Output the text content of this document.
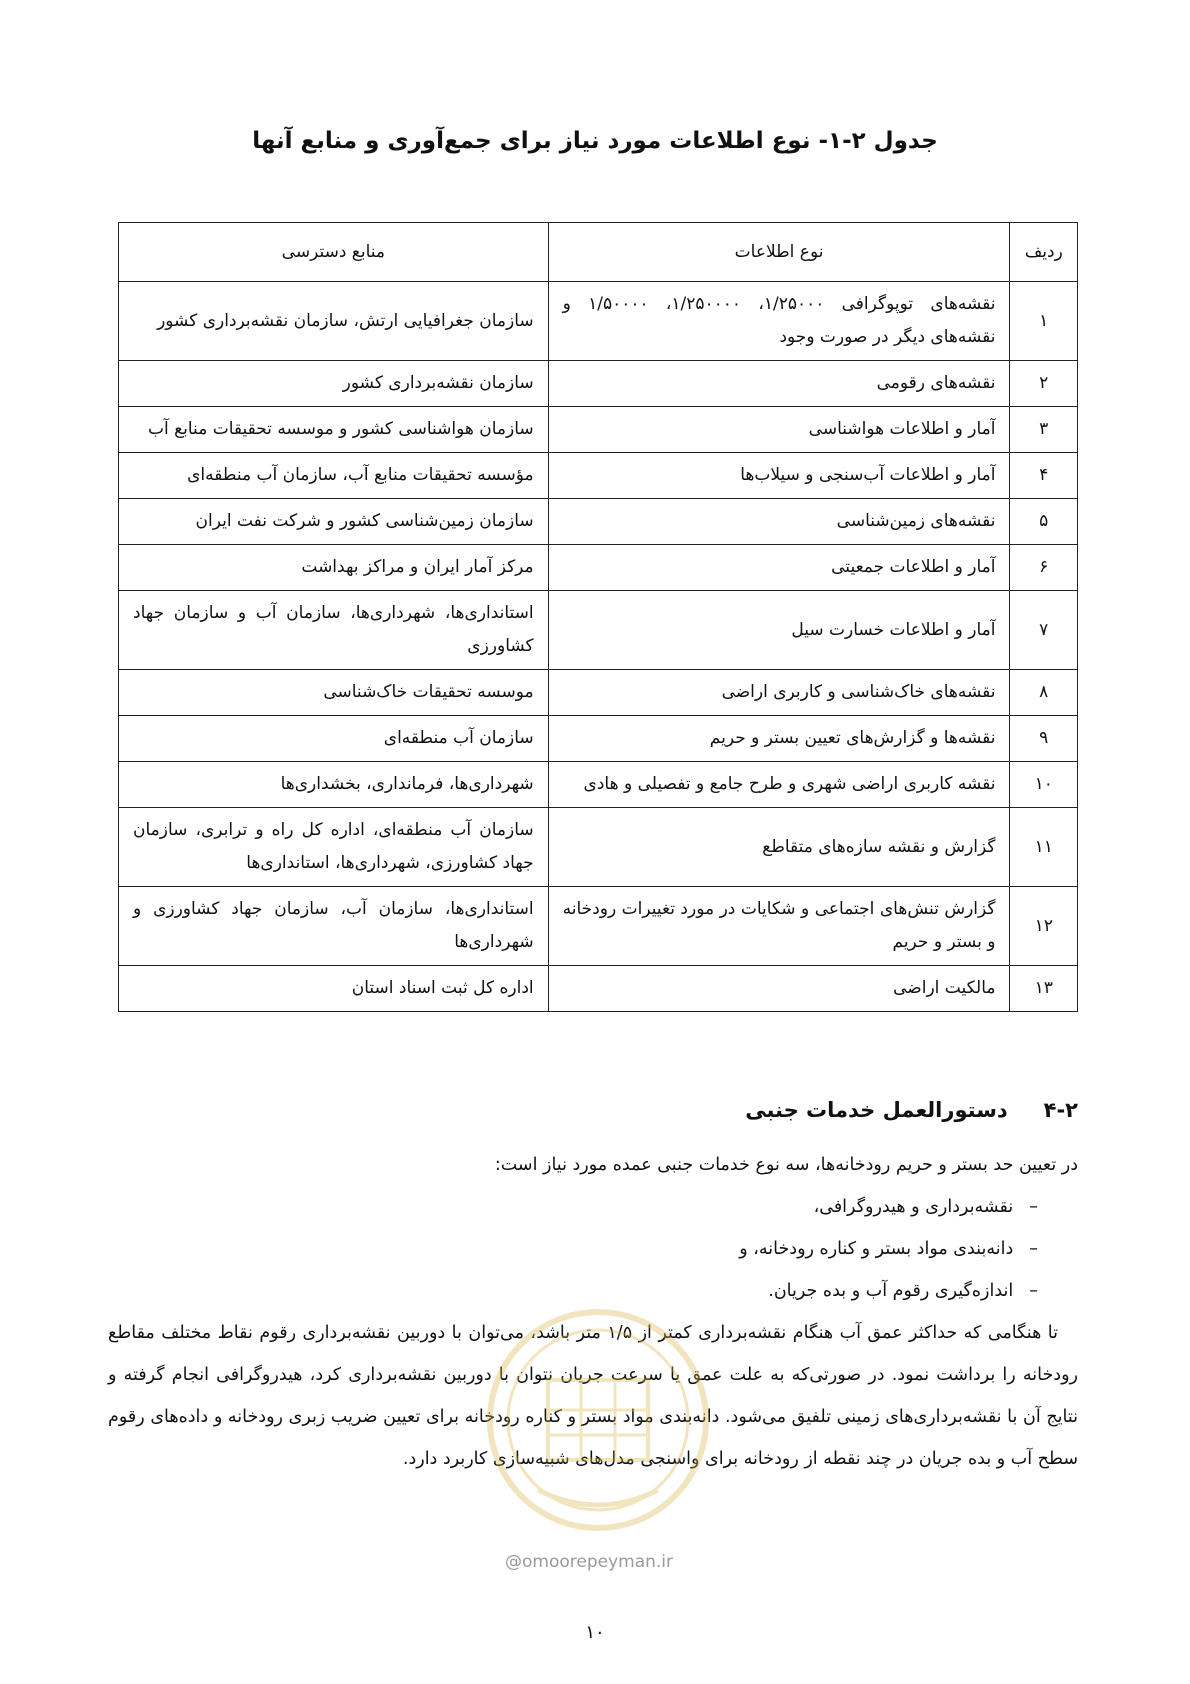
جدول ۲-۱- نوع اطلاعات مورد نیاز برای جمع‌آوری و منابع آنها
ردیف	نوع اطلاعات	منابع دسترسی
۱	نقشه‌های توپوگرافی ۱/۲۵۰۰۰، ۱/۲۵۰۰۰۰، ۱/۵۰۰۰۰ و نقشه‌های دیگر در صورت وجود	سازمان جغرافیایی ارتش، سازمان نقشه‌برداری کشور
۲	نقشه‌های رقومی	سازمان نقشه‌برداری کشور
۳	آمار و اطلاعات هواشناسی	سازمان هواشناسی کشور و موسسه تحقیقات منابع آب
۴	آمار و اطلاعات آب‌سنجی و سیلاب‌ها	مؤسسه تحقیقات منابع آب، سازمان آب منطقه‌ای
۵	نقشه‌های زمین‌شناسی	سازمان زمین‌شناسی کشور و شرکت نفت ایران
۶	آمار و اطلاعات جمعیتی	مرکز آمار ایران و مراکز بهداشت
۷	آمار و اطلاعات خسارت سیل	استانداری‌ها، شهرداری‌ها، سازمان آب و سازمان جهاد کشاورزی
۸	نقشه‌های خاک‌شناسی و کاربری اراضی	موسسه تحقیقات خاک‌شناسی
۹	نقشه‌ها و گزارش‌های تعیین بستر و حریم	سازمان آب منطقه‌ای
۱۰	نقشه کاربری اراضی شهری و طرح جامع و تفصیلی و هادی	شهرداری‌ها، فرمانداری، بخشداری‌ها
۱۱	گزارش و نقشه سازه‌های متقاطع	سازمان آب منطقه‌ای، اداره کل راه و ترابری، سازمان جهاد کشاورزی، شهرداری‌ها، استانداری‌ها
۱۲	گزارش تنش‌های اجتماعی و شکایات در مورد تغییرات رودخانه و بستر و حریم	استانداری‌ها، سازمان آب، سازمان جهاد کشاورزی و شهرداری‌ها
۱۳	مالکیت اراضی	اداره کل ثبت اسناد استان
۴-۲دستورالعمل خدمات جنبی

در تعیین حد بستر و حریم رودخانه‌ها، سه نوع خدمات جنبی عمده مورد نیاز است:

–نقشه‌برداری و هیدروگرافی،
–دانه‌بندی مواد بستر و کناره رودخانه، و
–اندازه‌گیری رقوم آب و بده جریان.

تا هنگامی که حداکثر عمق آب هنگام نقشه‌برداری کمتر از ۱/۵ متر باشد، می‌توان با دوربین نقشه‌برداری رقوم نقاط مختلف مقاطع رودخانه را برداشت نمود. در صورتی‌که به علت عمق یا سرعت جریان نتوان با دوربین نقشه‌برداری کرد، هیدروگرافی انجام گرفته و نتایج آن با نقشه‌برداری‌های زمینی تلفیق می‌شود. دانه‌بندی مواد بستر و کناره رودخانه برای تعیین ضریب زبری رودخانه و داده‌های رقوم سطح آب و بده جریان در چند نقطه از رودخانه برای واسنجی مدل‌های شبیه‌سازی کاربرد دارد.

@omoorepeyman.ir
۱۰
